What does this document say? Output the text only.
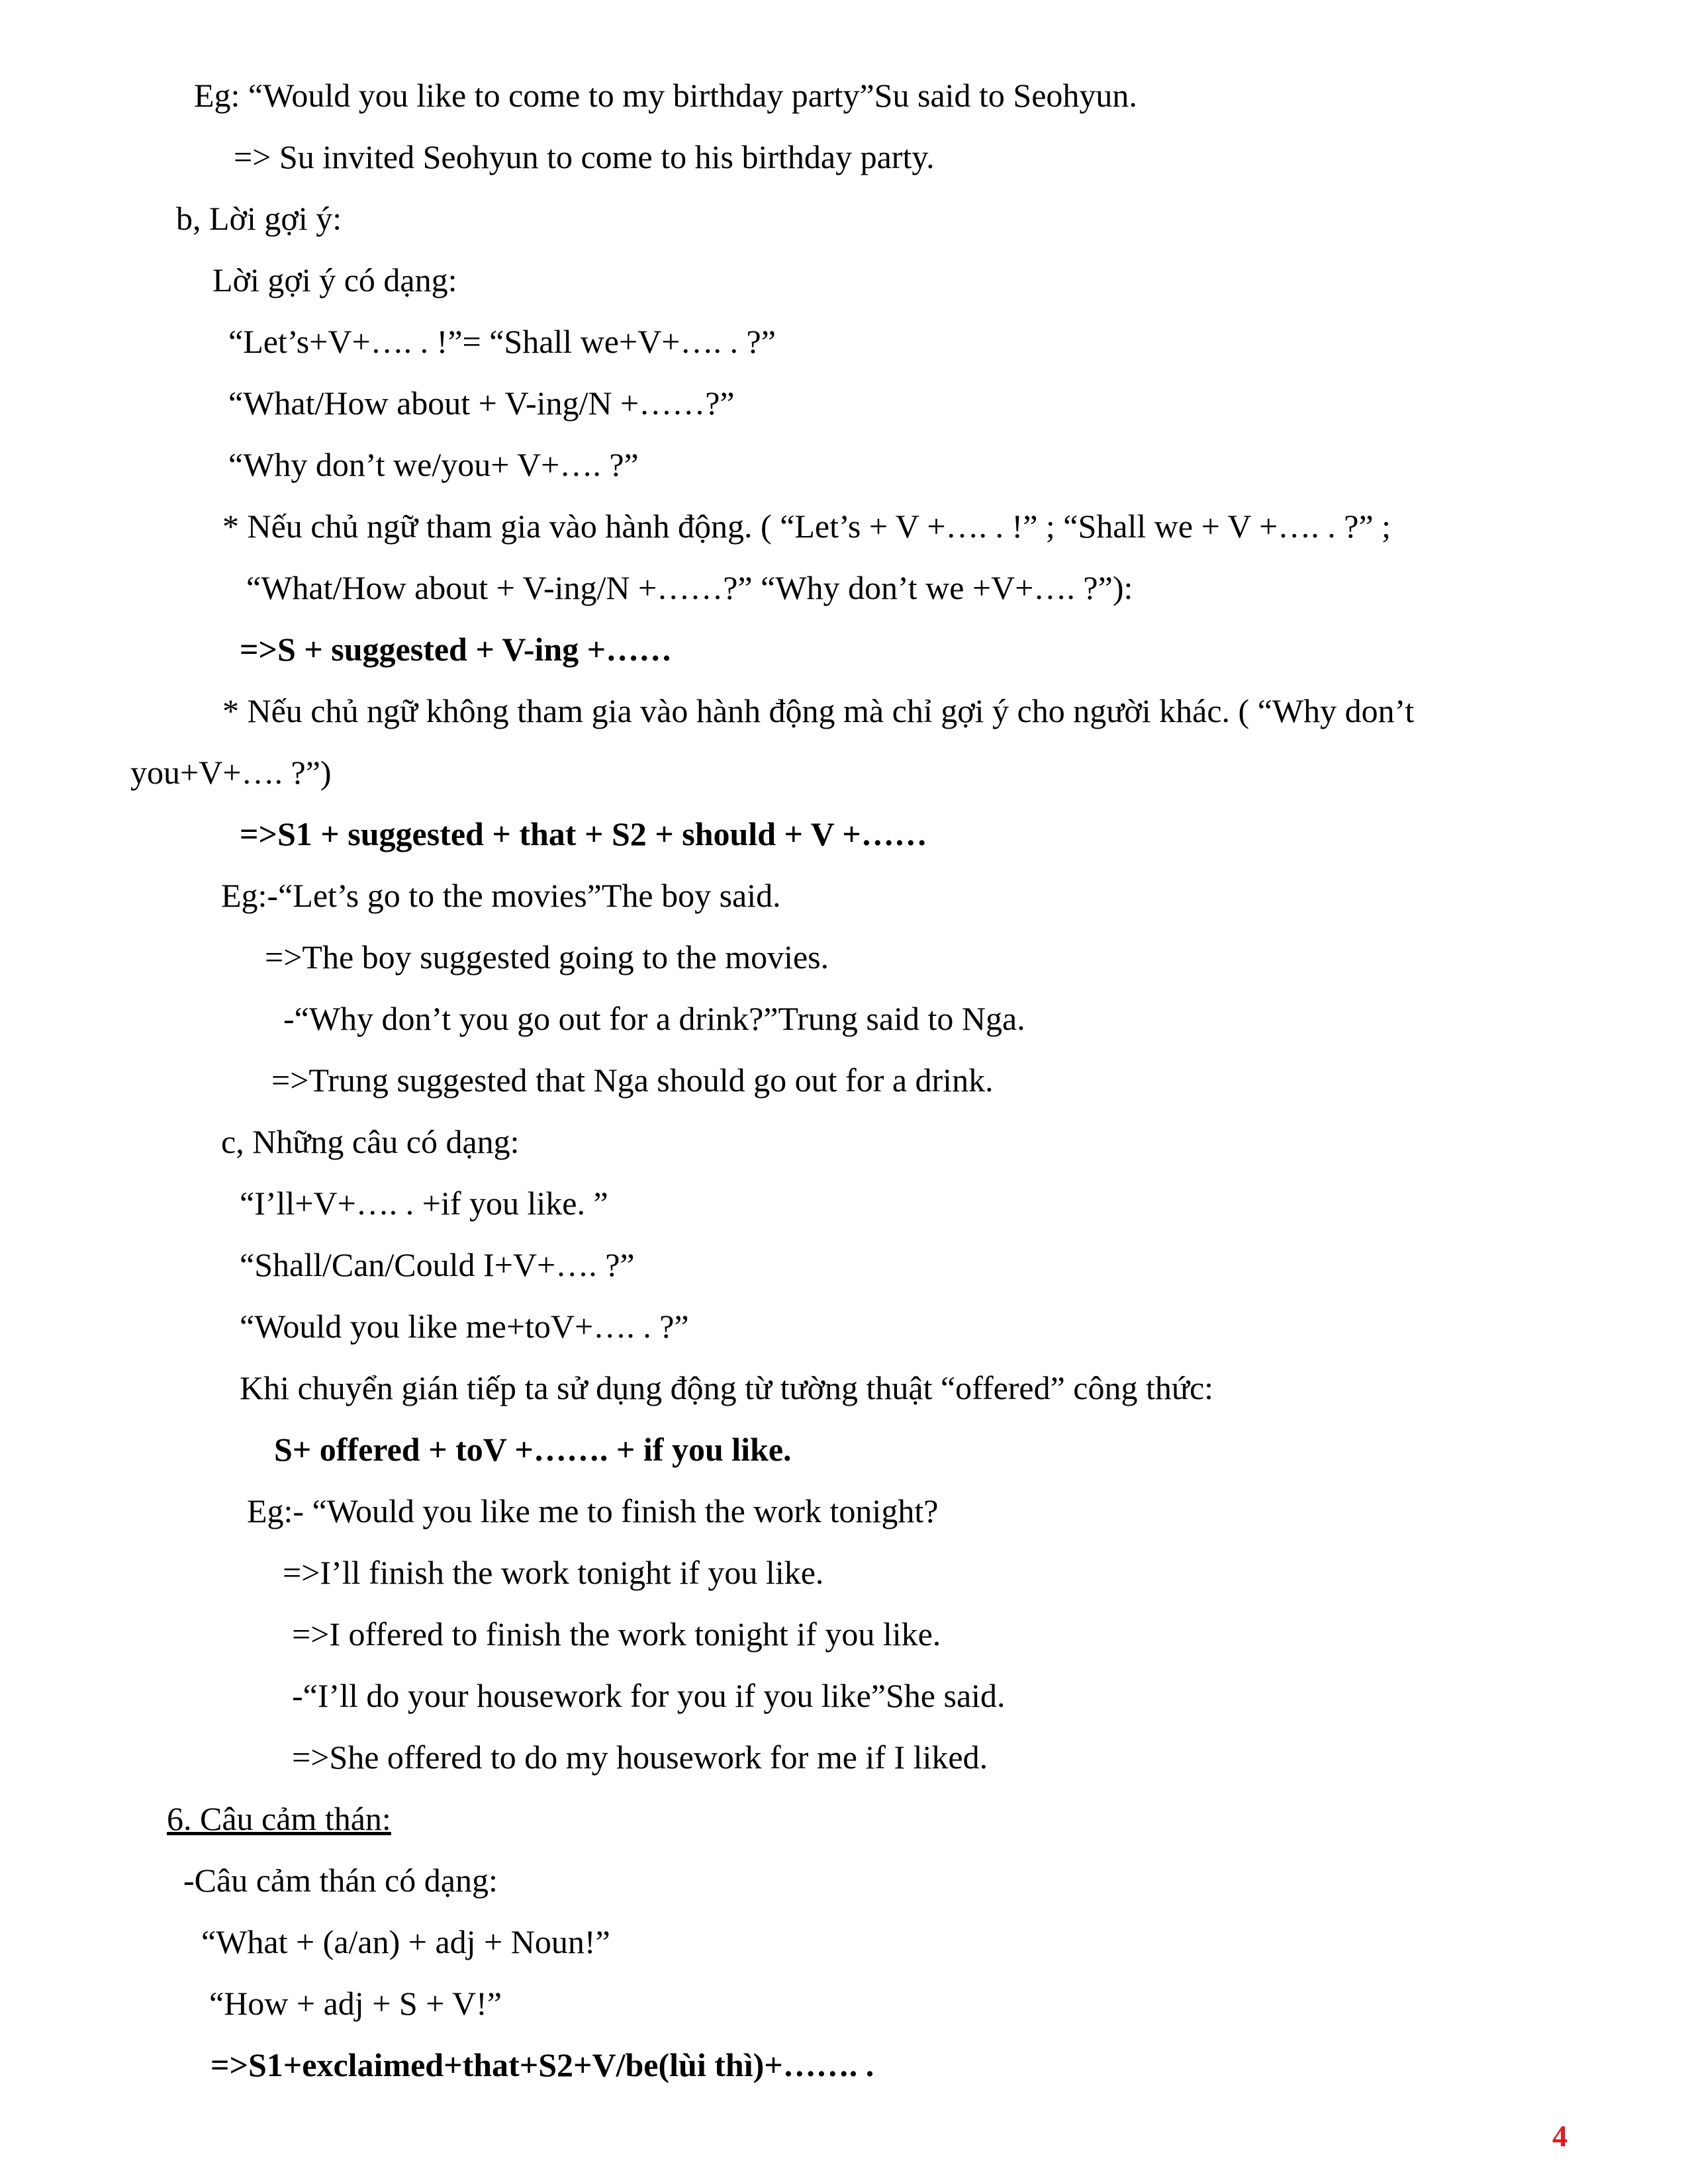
Eg: “Would you like to come to my birthday party”Su said to Seohyun.
=> Su invited Seohyun to come to his birthday party.
b, Lời gợi ý:
Lời gợi ý có dạng:
“Let’s+V+…. . !”= “Shall we+V+…. . ?”
“What/How about + V-ing/N +……?”
“Why don’t we/you+ V+…. ?”
* Nếu chủ ngữ tham gia vào hành động. ( “Let’s + V +…. . !” ; “Shall we + V +…. . ?” ;
“What/How about + V-ing/N +……?” “Why don’t we +V+…. ?”):
=>S + suggested + V-ing +……
* Nếu chủ ngữ không tham gia vào hành động mà chỉ gợi ý cho người khác. ( “Why don’t
you+V+…. ?”)
=>S1 + suggested + that + S2 + should + V +……
Eg:-“Let’s go to the movies”The boy said.
=>The boy suggested going to the movies.
-“Why don’t you go out for a drink?”Trung said to Nga.
=>Trung suggested that Nga should go out for a drink.
c, Những câu có dạng:
“I’ll+V+…. . +if you like. ”
“Shall/Can/Could I+V+…. ?”
“Would you like me+toV+…. . ?”
Khi chuyển gián tiếp ta sử dụng động từ tường thuật “offered” công thức:
S+ offered + toV +……. + if you like.
Eg:- “Would you like me to finish the work tonight?
=>I’ll finish the work tonight if you like.
=>I offered to finish the work tonight if you like.
-“I’ll do your housework for you if you like”She said.
=>She offered to do my housework for me if I liked.
6. Câu cảm thán:
-Câu cảm thán có dạng:
“What + (a/an) + adj + Noun!”
“How + adj + S + V!”
=>S1+exclaimed+that+S2+V/be(lùi thì)+……. .
4
